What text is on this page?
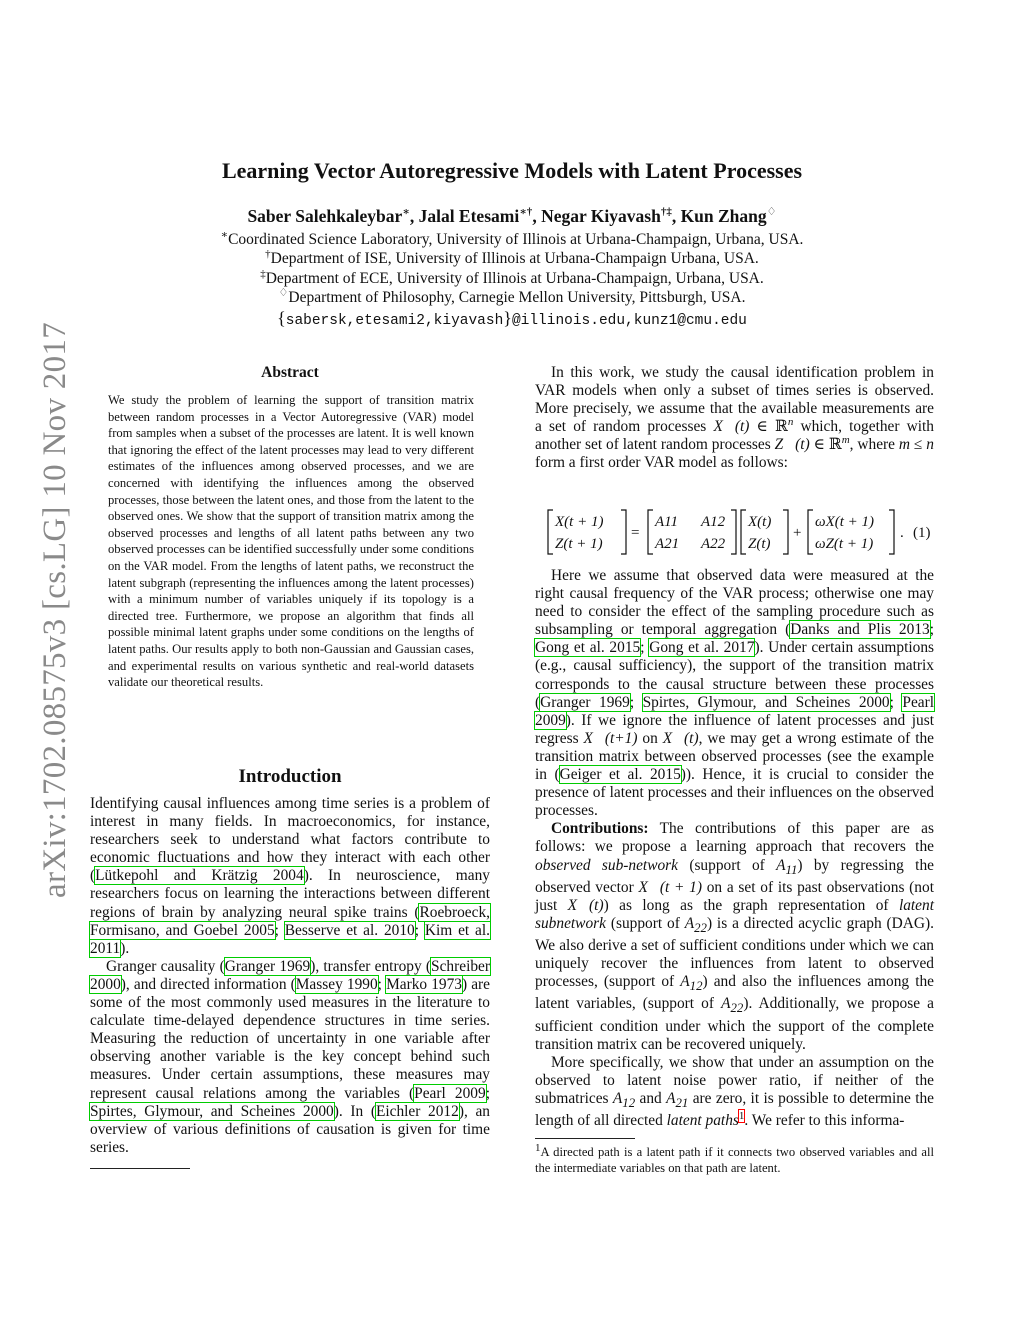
arXiv:1702.08575v3 [cs.LG] 10 Nov 2017
Learning Vector Autoregressive Models with Latent Processes
Saber Salehkaleybar∗, Jalal Etesami∗†, Negar Kiyavash†‡, Kun Zhang♢
∗Coordinated Science Laboratory, University of Illinois at Urbana-Champaign, Urbana, USA.
†Department of ISE, University of Illinois at Urbana-Champaign Urbana, USA.
‡Department of ECE, University of Illinois at Urbana-Champaign, Urbana, USA.
♢Department of Philosophy, Carnegie Mellon University, Pittsburgh, USA.
{sabersk,etesami2,kiyavash}@illinois.edu,kunz1@cmu.edu
Abstract
We study the problem of learning the support of transition matrix between random processes in a Vector Autoregressive (VAR) model from samples when a subset of the processes are latent. It is well known that ignoring the effect of the latent processes may lead to very different estimates of the influences among observed processes, and we are concerned with identifying the influences among the observed processes, those between the latent ones, and those from the latent to the observed ones. We show that the support of transition matrix among the observed processes and lengths of all latent paths between any two observed processes can be identified successfully under some conditions on the VAR model. From the lengths of latent paths, we reconstruct the latent subgraph (representing the influences among the latent processes) with a minimum number of variables uniquely if its topology is a directed tree. Furthermore, we propose an algorithm that finds all possible minimal latent graphs under some conditions on the lengths of latent paths. Our results apply to both non-Gaussian and Gaussian cases, and experimental results on various synthetic and real-world datasets validate our theoretical results.
Introduction

Identifying causal influences among time series is a problem of interest in many fields. In macroeconomics, for instance, researchers seek to understand what factors contribute to economic fluctuations and how they interact with each other (Lütkepohl and Krätzig 2004). In neuroscience, many researchers focus on learning the interactions between different regions of brain by analyzing neural spike trains (Roebroeck, Formisano, and Goebel 2005; Besserve et al. 2010; Kim et al. 2011).

Granger causality (Granger 1969), transfer entropy (Schreiber 2000), and directed information (Massey 1990; Marko 1973) are some of the most commonly used measures in the literature to calculate time-delayed dependence structures in time series. Measuring the reduction of uncertainty in one variable after observing another variable is the key concept behind such measures. Under certain assumptions, these measures may represent causal relations among the variables (Pearl 2009; Spirtes, Glymour, and Scheines 2000). In (Eichler 2012), an overview of various definitions of causation is given for time series.

In this work, we study the causal identification problem in VAR models when only a subset of times series is observed. More precisely, we assume that the available measurements are a set of random processes X⃗(t) ∈ ℝ$^n$ which, together with another set of latent random processes Z⃗(t) ∈ ℝ$^m$, where m ≤ n form a first order VAR model as follows:

X(t + 1)
Z(t + 1)
=
A11 A12
A21 A22
X(t)
Z(t)
+
ωX(t + 1)
ωZ(t + 1)
. (1)

Here we assume that observed data were measured at the right causal frequency of the VAR process; otherwise one may need to consider the effect of the sampling procedure such as subsampling or temporal aggregation (Danks and Plis 2013; Gong et al. 2015; Gong et al. 2017). Under certain assumptions (e.g., causal sufficiency), the support of the transition matrix corresponds to the causal structure between these processes (Granger 1969; Spirtes, Glymour, and Scheines 2000; Pearl 2009). If we ignore the influence of latent processes and just regress X⃗(t+1) on X⃗(t), we may get a wrong estimate of the transition matrix between observed processes (see the example in (Geiger et al. 2015)). Hence, it is crucial to consider the presence of latent processes and their influences on the observed processes.

Contributions: The contributions of this paper are as follows: we propose a learning approach that recovers the observed sub-network (support of $A_{11}$) by regressing the observed vector X⃗(t + 1) on a set of its past observations (not just X⃗(t)) as long as the graph representation of latent subnetwork (support of $A_{22}$) is a directed acyclic graph (DAG). We also derive a set of sufficient conditions under which we can uniquely recover the influences from latent to observed processes, (support of $A_{12}$) and also the influences among the latent variables, (support of $A_{22}$). Additionally, we propose a sufficient condition under which the support of the complete transition matrix can be recovered uniquely.

More specifically, we show that under an assumption on the observed to latent noise power ratio, if neither of the submatrices $A_{12}$ and $A_{21}$ are zero, it is possible to determine the length of all directed latent paths$^1$. We refer to this informa-

$^1$A directed path is a latent path if it connects two observed variables and all the intermediate variables on that path are latent.
